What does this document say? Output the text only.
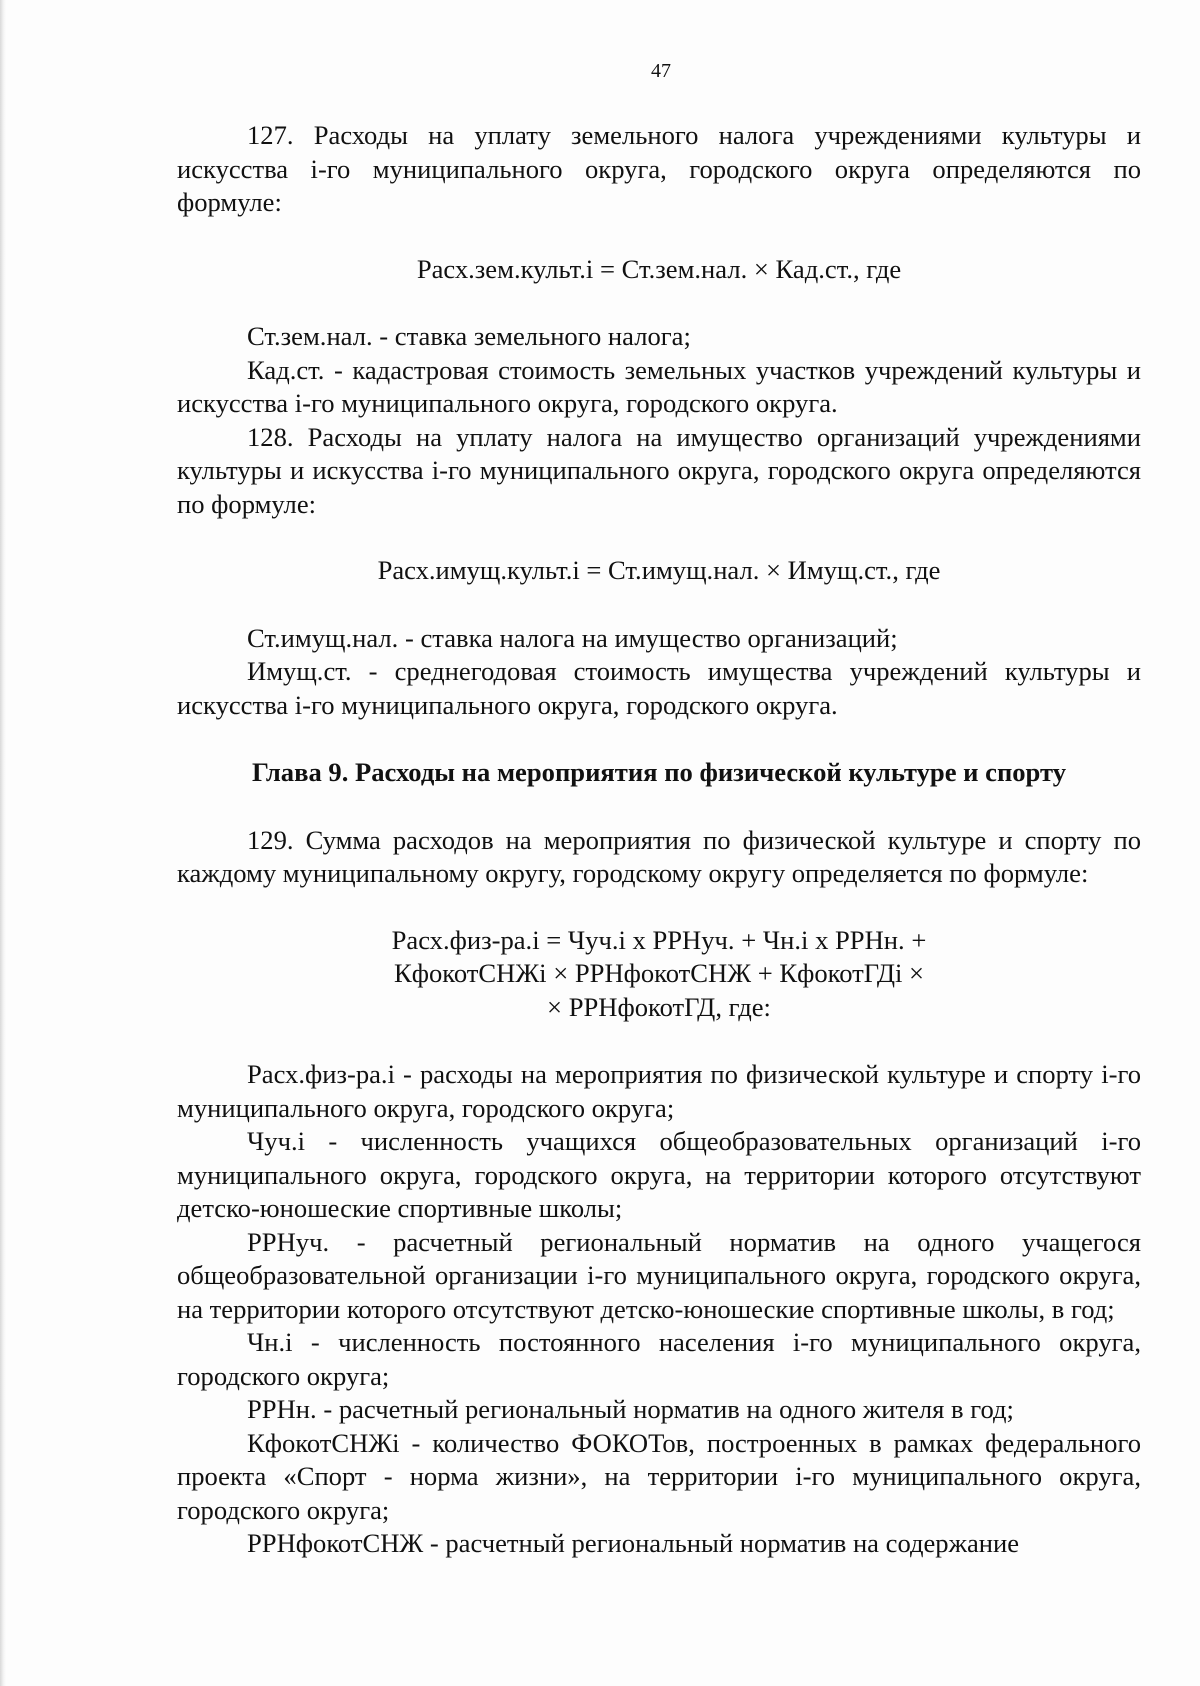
47

127. Расходы на уплату земельного налога учреждениями культуры и искусства i-го муниципального округа, городского округа определяются по формуле:

Расх.зем.культ.i = Ст.зем.нал. × Кад.ст., где

Ст.зем.нал. - ставка земельного налога;

Кад.ст. - кадастровая стоимость земельных участков учреждений культуры и искусства i-го муниципального округа, городского округа.

128. Расходы на уплату налога на имущество организаций учреждениями культуры и искусства i-го муниципального округа, городского округа определяются по формуле:

Расх.имущ.культ.i = Ст.имущ.нал. × Имущ.ст., где

Ст.имущ.нал. - ставка налога на имущество организаций;

Имущ.ст. - среднегодовая стоимость имущества учреждений культуры и искусства i-го муниципального округа, городского округа.

Глава 9. Расходы на мероприятия по физической культуре и спорту

129. Сумма расходов на мероприятия по физической культуре и спорту по каждому муниципальному округу, городскому округу определяется по формуле:

Расх.физ-ра.i = Чуч.i х РРНуч. + Чн.i х РРНн. +
КфокотСНЖi × РРНфокотСНЖ + КфокотГДi ×
× РРНфокотГД, где:

Расх.физ-ра.i - расходы на мероприятия по физической культуре и спорту i-го муниципального округа, городского округа;

Чуч.i - численность учащихся общеобразовательных организаций i-го муниципального округа, городского округа, на территории которого отсутствуют детско-юношеские спортивные школы;

РРНуч. - расчетный региональный норматив на одного учащегося общеобразовательной организации i-го муниципального округа, городского округа, на территории которого отсутствуют детско-юношеские спортивные школы, в год;

Чн.i - численность постоянного населения i-го муниципального округа, городского округа;

РРНн. - расчетный региональный норматив на одного жителя в год;

КфокотСНЖi - количество ФОКОТов, построенных в рамках федерального проекта «Спорт - норма жизни», на территории i-го муниципального округа, городского округа;

РРНфокотСНЖ - расчетный региональный норматив на содержание
